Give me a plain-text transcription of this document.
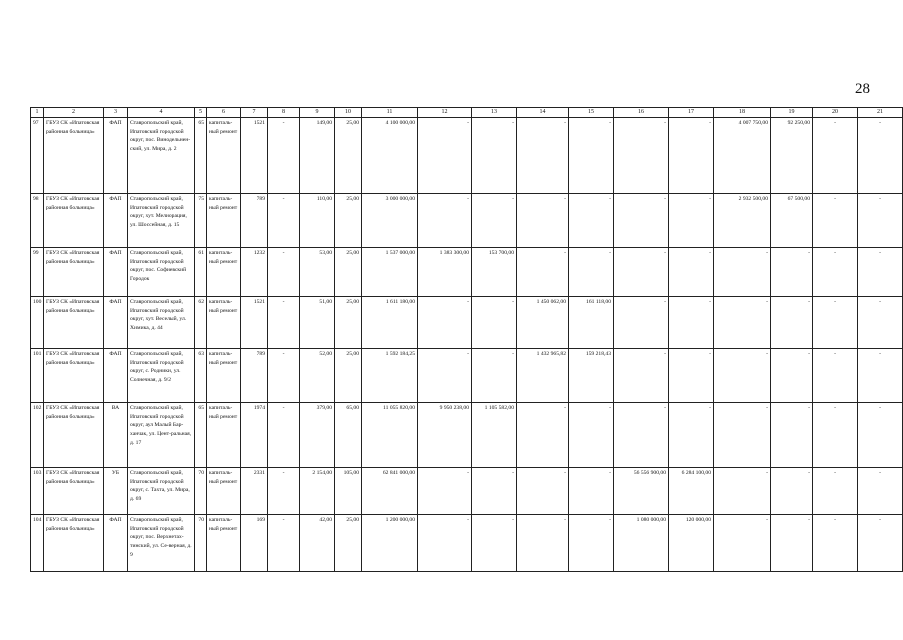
28
1	2	3	4	5	6	7	8	9	10	11	12	13	14	15	16	17	18	19	20	21
97	ГБУЗ СК «Ипатовская районная больница»	ФАП	Ставропольский край, Ипатовский городской округ, пос. Винодельнен-ский, ул. Мира, д. 2	65	капиталь-ный ремонт	1521	-	149,00	25,00	4 100 000,00	-	-	-	-	-	-	4 007 750,00	92 250,00	-	-
98	ГБУЗ СК «Ипатовская районная больница»	ФАП	Ставропольский край, Ипатовский городской округ, хут. Мелиорация, ул. Шоссейная, д. 15	75	капиталь-ный ремонт	789	-	110,00	25,00	3 000 000,00	-	-	-	-	-	-	2 932 500,00	67 500,00	-	-
99	ГБУЗ СК «Ипатовская районная больница»	ФАП	Ставропольский край, Ипатовский городской округ, пос. Софиевский Городок	61	капиталь-ный ремонт	1232	-	53,00	25,00	1 537 000,00	1 383 300,00	153 700,00	-	-	-	-	-	-	-	-
100	ГБУЗ СК «Ипатовская районная больница»	ФАП	Ставропольский край, Ипатовский городской округ, хут. Веселый, ул. Химика, д. 44	62	капиталь-ный ремонт	1521	-	51,00	25,00	1 611 180,00	-	-	1 450 062,00	161 118,00	-	-	-	-	-	-
101	ГБУЗ СК «Ипатовская районная больница»	ФАП	Ставропольский край, Ипатовский городской округ, с. Родники, ул. Солнечная, д. 9/2	63	капиталь-ный ремонт	789	-	52,00	25,00	1 592 184,25	-	-	1 432 965,82	159 218,43	-	-	-	-	-	-
102	ГБУЗ СК «Ипатовская районная больница»	ВА	Ставропольский край, Ипатовский городской округ, аул Малый Бар-ханчак, ул. Цент-ральная, д. 17	65	капиталь-ный ремонт	1974	-	379,00	65,00	11 055 820,00	9 950 238,00	1 105 582,00	-	-	-	-	-	-	-	-
103	ГБУЗ СК «Ипатовская районная больница»	УБ	Ставропольский край, Ипатовский городской округ, с. Тахта, ул. Мира, д. 69	70	капиталь-ный ремонт	2331	-	2 154,00	105,00	62 841 000,00	-	-	-	-	56 556 900,00	6 284 100,00	-	-	-	-
104	ГБУЗ СК «Ипатовская районная больница»	ФАП	Ставропольский край, Ипатовский городской округ, пос. Верхнетах-тинский, ул. Се-верная, д. 9	70	капиталь-ный ремонт	169	-	42,00	25,00	1 200 000,00	-	-	-	-	1 080 000,00	120 000,00	-	-	-	-
